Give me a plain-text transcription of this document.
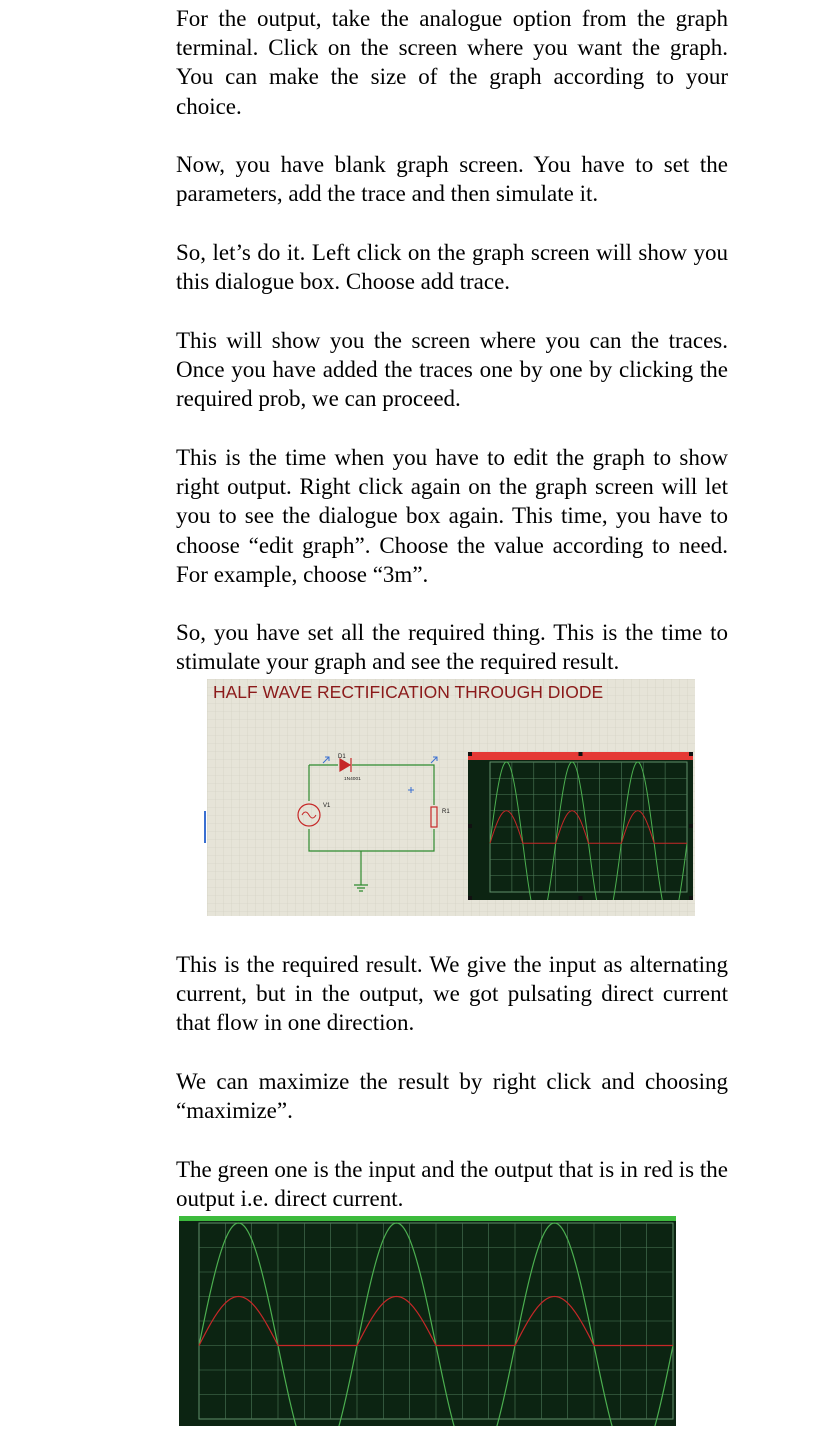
For the output, take the analogue option from the graph terminal. Click on the screen where you want the graph. You can make the size of the graph according to your choice.

Now, you have blank graph screen. You have to set the parameters, add the trace and then simulate it.

So, let’s do it. Left click on the graph screen will show you this dialogue box. Choose add trace.

This will show you the screen where you can the traces. Once you have added the traces one by one by clicking the required prob, we can proceed.

This is the time when you have to edit the graph to show right output. Right click again on the graph screen will let you to see the dialogue box again. This time, you have to choose “edit graph”. Choose the value according to need. For example, choose “3m”.

So, you have set all the required thing. This is the time to stimulate your graph and see the required result.

HALF WAVE RECTIFICATION THROUGH DIODE
D1
1N4001
V1
R1

This is the required result. We give the input as alternating current, but in the output, we got pulsating direct current that flow in one direction.

We can maximize the result by right click and choosing “maximize”.

The green one is the input and the output that is in red is the output i.e. direct current.
